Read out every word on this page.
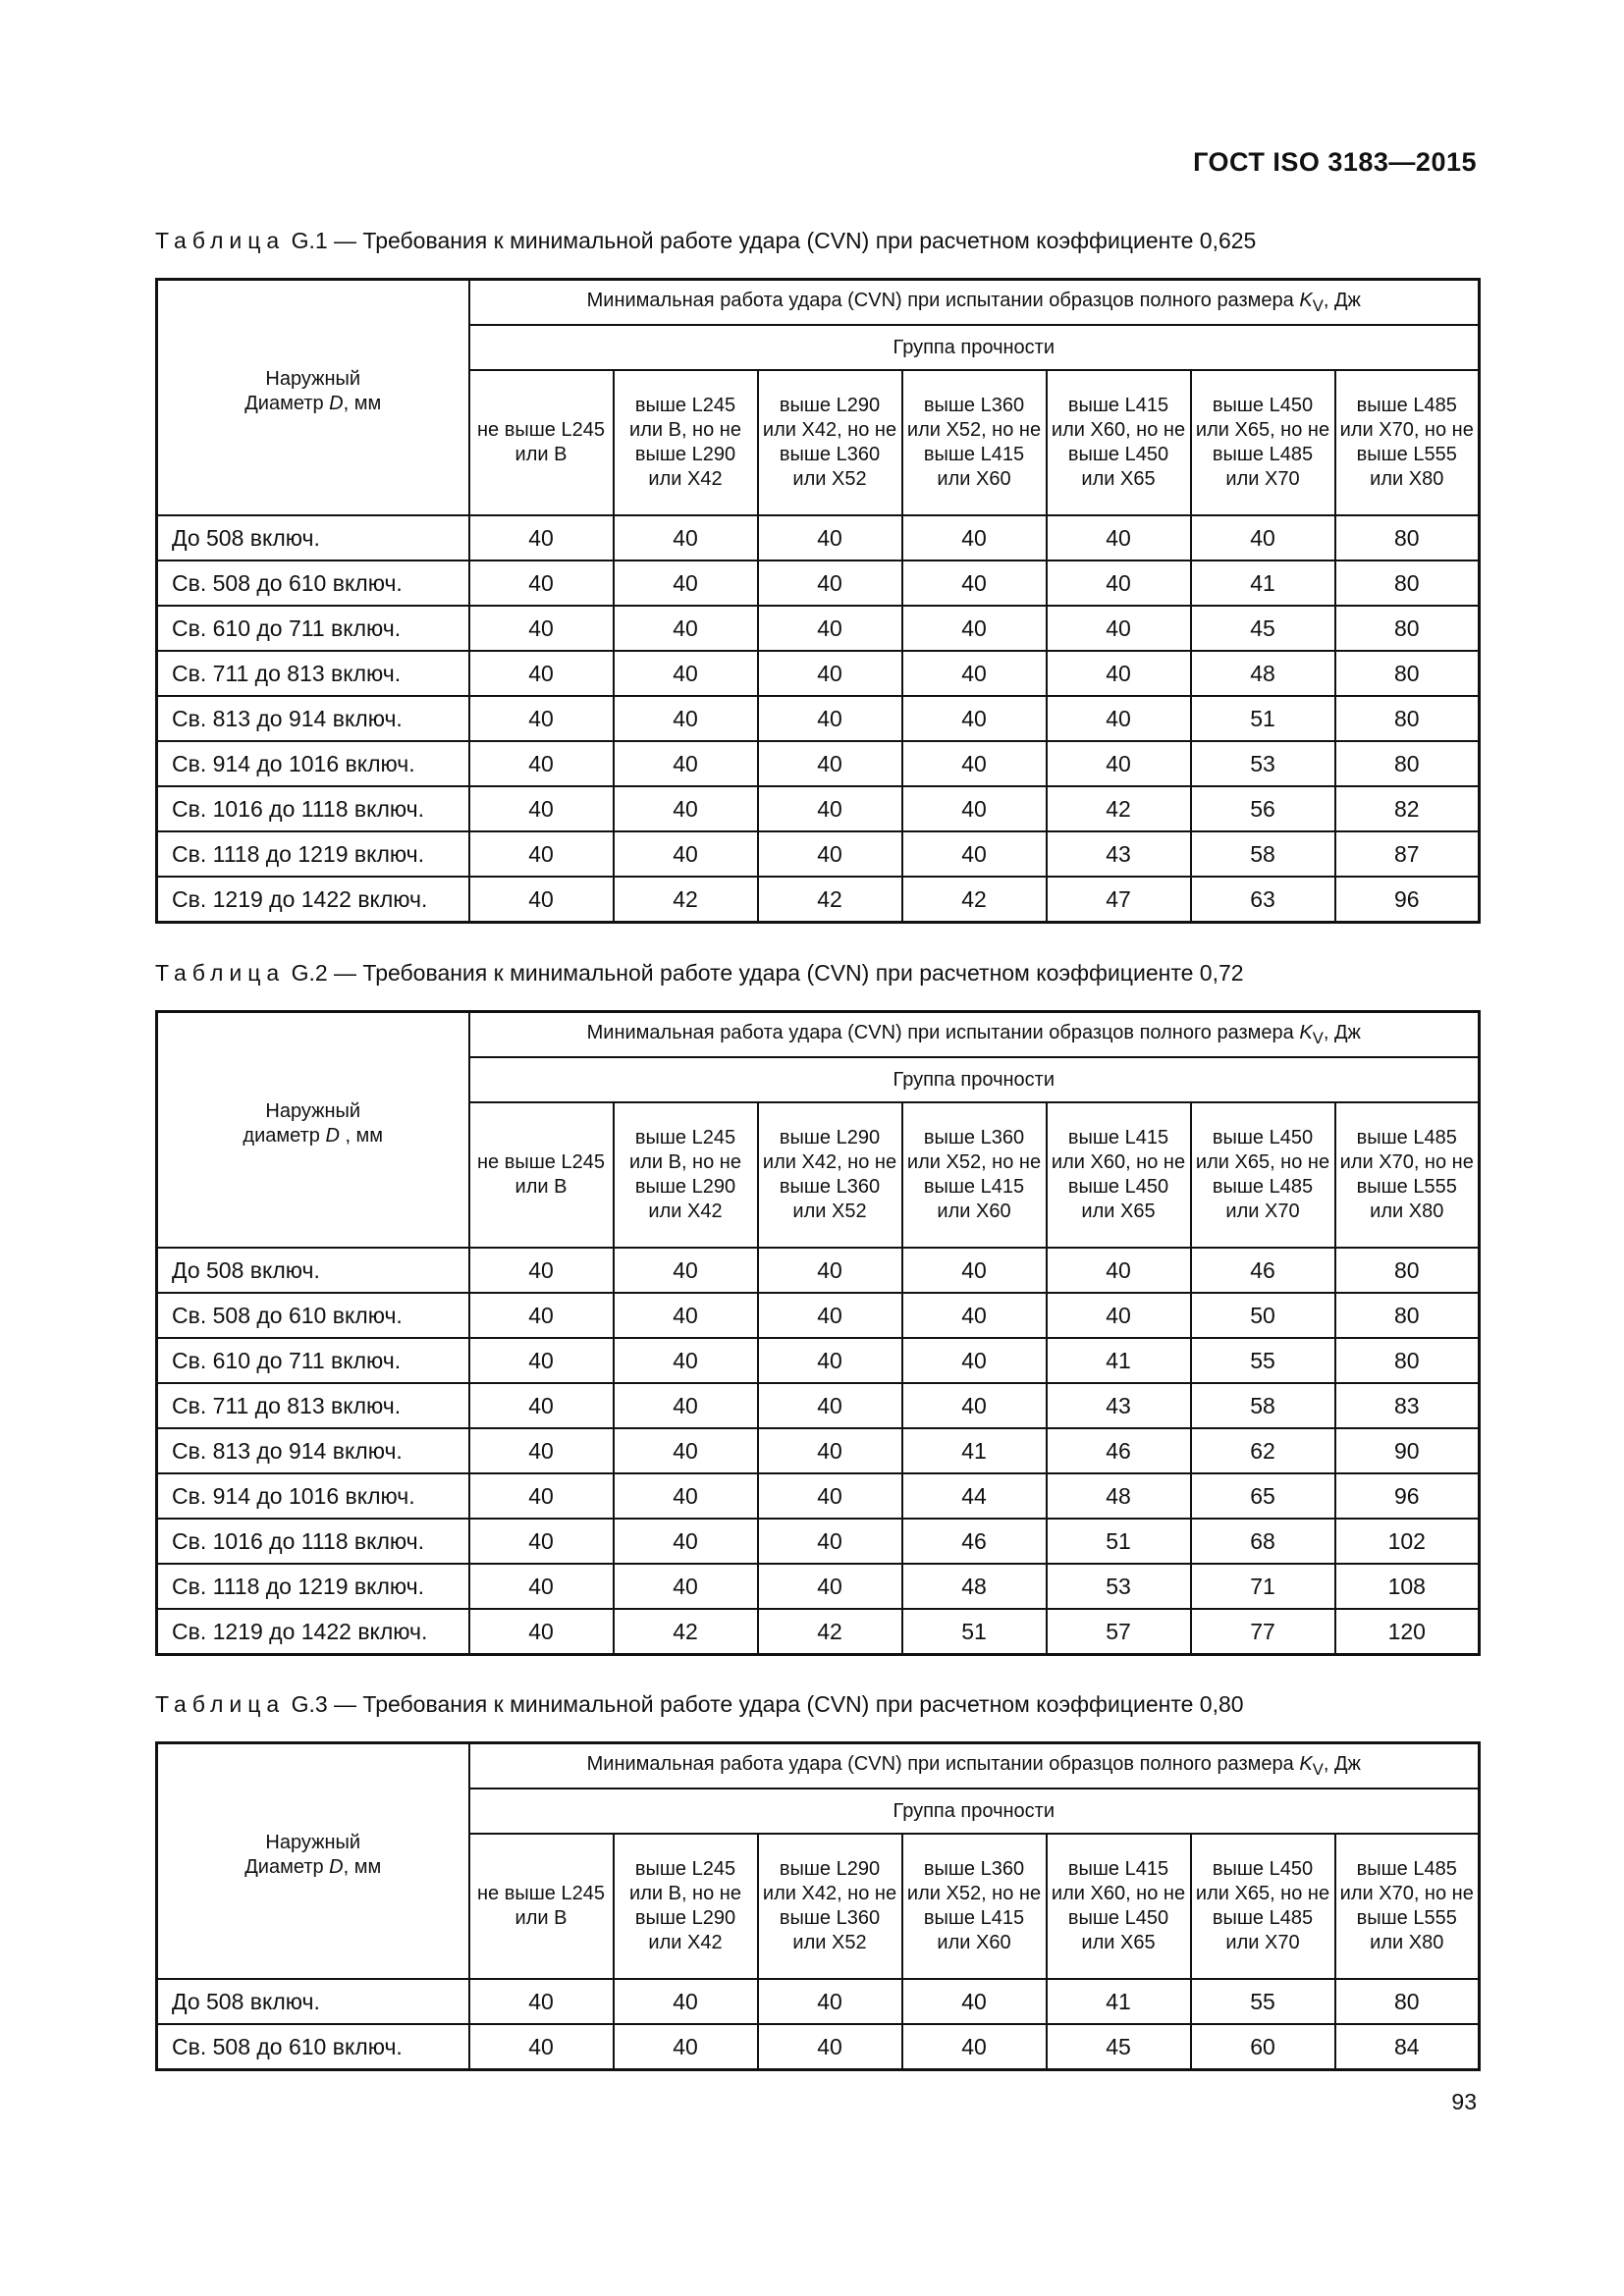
ГОСТ ISO 3183—2015
Таблица G.1 — Требования к минимальной работе удара (CVN) при расчетном коэффициенте 0,625
Наружный
Диаметр D, мм	Минимальная работа удара (CVN) при испытании образцов полного размера $K_V$, Дж						
	Группа прочности						
	не выше L245 или B	выше L245 или B, но не выше L290 или X42	выше L290 или X42, но не выше L360 или X52	выше L360 или X52, но не выше L415 или X60	выше L415 или X60, но не выше L450 или X65	выше L450 или X65, но не выше L485 или X70	выше L485 или X70, но не выше L555 или X80
До 508 включ.	40	40	40	40	40	40	80
Св. 508 до 610 включ.	40	40	40	40	40	41	80
Св. 610 до 711 включ.	40	40	40	40	40	45	80
Св. 711 до 813 включ.	40	40	40	40	40	48	80
Св. 813 до 914 включ.	40	40	40	40	40	51	80
Св. 914 до 1016 включ.	40	40	40	40	40	53	80
Св. 1016 до 1118 включ.	40	40	40	40	42	56	82
Св. 1118 до 1219 включ.	40	40	40	40	43	58	87
Св. 1219 до 1422 включ.	40	42	42	42	47	63	96
Таблица G.2 — Требования к минимальной работе удара (CVN) при расчетном коэффициенте 0,72
Наружный
диаметр D , мм	Минимальная работа удара (CVN) при испытании образцов полного размера $K_V$, Дж						
	Группа прочности						
	не выше L245 или B	выше L245 или B, но не выше L290 или X42	выше L290 или X42, но не выше L360 или X52	выше L360 или X52, но не выше L415 или X60	выше L415 или X60, но не выше L450 или X65	выше L450 или X65, но не выше L485 или X70	выше L485 или X70, но не выше L555 или X80
До 508 включ.	40	40	40	40	40	46	80
Св. 508 до 610 включ.	40	40	40	40	40	50	80
Св. 610 до 711 включ.	40	40	40	40	41	55	80
Св. 711 до 813 включ.	40	40	40	40	43	58	83
Св. 813 до 914 включ.	40	40	40	41	46	62	90
Св. 914 до 1016 включ.	40	40	40	44	48	65	96
Св. 1016 до 1118 включ.	40	40	40	46	51	68	102
Св. 1118 до 1219 включ.	40	40	40	48	53	71	108
Св. 1219 до 1422 включ.	40	42	42	51	57	77	120
Таблица G.3 — Требования к минимальной работе удара (CVN) при расчетном коэффициенте 0,80
Наружный
Диаметр D, мм	Минимальная работа удара (CVN) при испытании образцов полного размера $K_V$, Дж						
	Группа прочности						
	не выше L245 или B	выше L245 или B, но не выше L290 или X42	выше L290 или X42, но не выше L360 или X52	выше L360 или X52, но не выше L415 или X60	выше L415 или X60, но не выше L450 или X65	выше L450 или X65, но не выше L485 или X70	выше L485 или X70, но не выше L555 или X80
До 508 включ.	40	40	40	40	41	55	80
Св. 508 до 610 включ.	40	40	40	40	45	60	84
93
